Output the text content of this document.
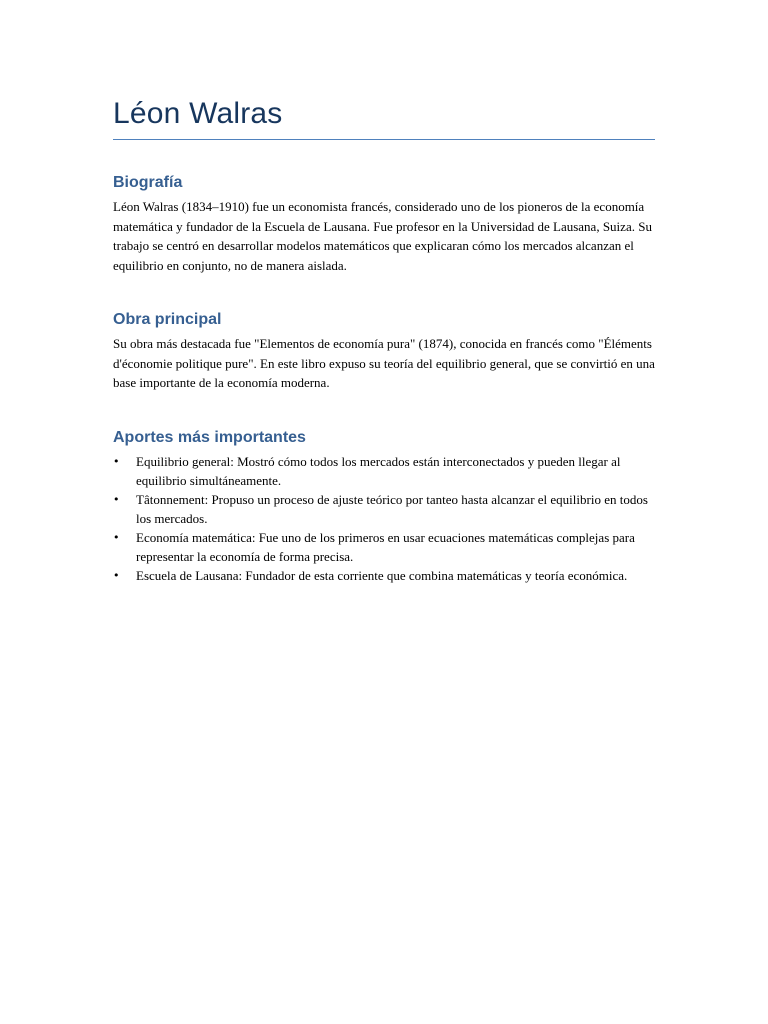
Léon Walras
Biografía

Léon Walras (1834–1910) fue un economista francés, considerado uno de los pioneros de la economía matemática y fundador de la Escuela de Lausana. Fue profesor en la Universidad de Lausana, Suiza. Su trabajo se centró en desarrollar modelos matemáticos que explicaran cómo los mercados alcanzan el equilibrio en conjunto, no de manera aislada.

Obra principal

Su obra más destacada fue "Elementos de economía pura" (1874), conocida en francés como "Éléments d'économie politique pure". En este libro expuso su teoría del equilibrio general, que se convirtió en una base importante de la economía moderna.

Aportes más importantes
• Equilibrio general: Mostró cómo todos los mercados están interconectados y pueden llegar al equilibrio simultáneamente.
• Tâtonnement: Propuso un proceso de ajuste teórico por tanteo hasta alcanzar el equilibrio en todos los mercados.
• Economía matemática: Fue uno de los primeros en usar ecuaciones matemáticas complejas para representar la economía de forma precisa.
• Escuela de Lausana: Fundador de esta corriente que combina matemáticas y teoría económica.
